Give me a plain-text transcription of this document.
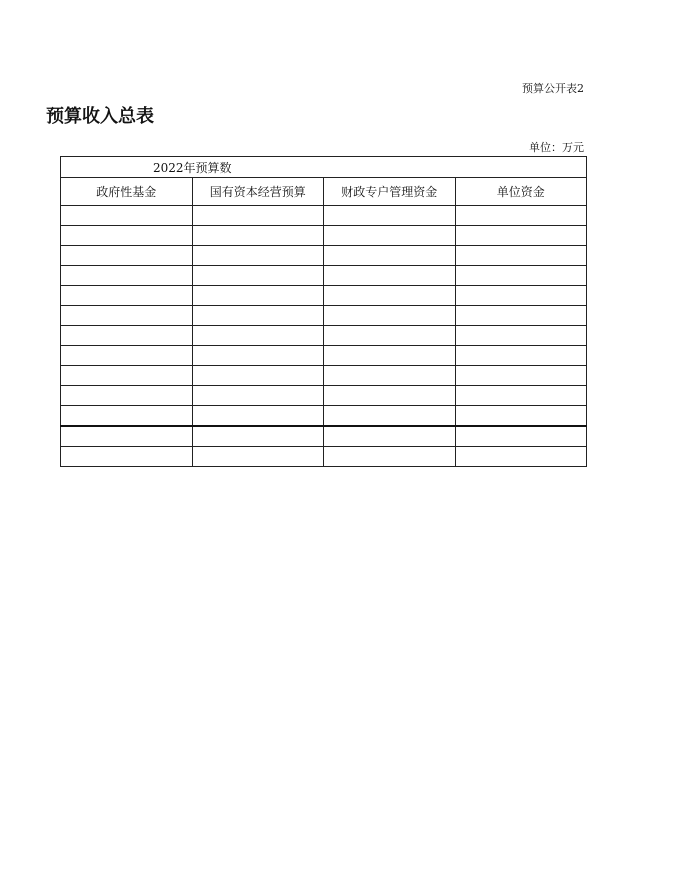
预算公开表2
预算收入总表
单位：万元
2022年预算数			
政府性基金	国有资本经营预算	财政专户管理资金	单位资金
